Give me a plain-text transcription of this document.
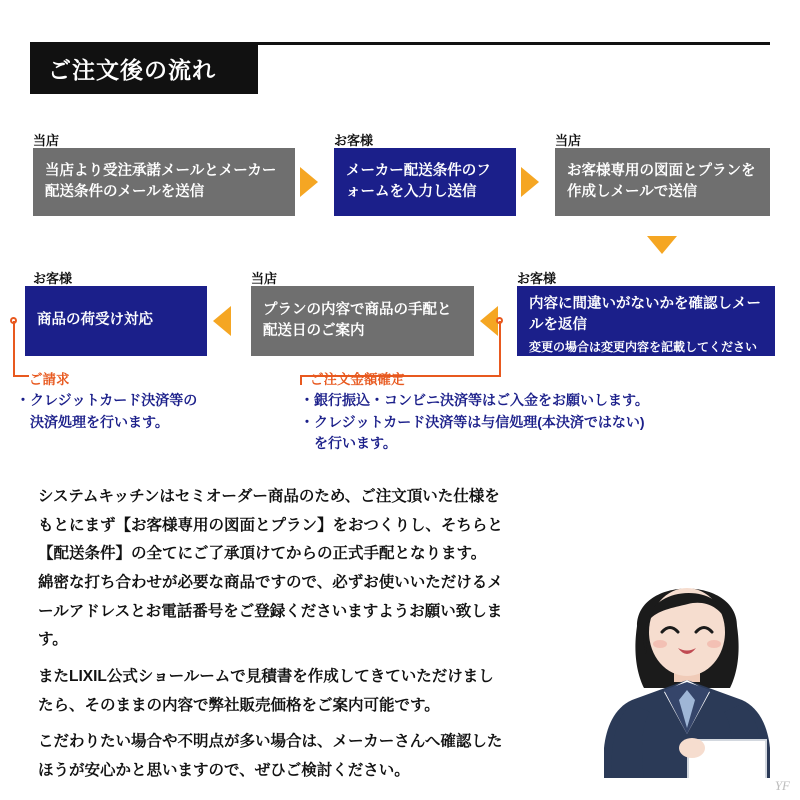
ご注文後の流れ
当店
当店より受注承諾メールとメーカー配送条件のメールを送信
お客様
メーカー配送条件のフォームを入力し送信
当店
お客様専用の図面とプランを作成しメールで送信
お客様
商品の荷受け対応
当店
プランの内容で商品の手配と配送日のご案内
お客様
内容に間違いがないかを確認しメールを返信
変更の場合は変更内容を記載してください
ご請求
・クレジットカード決済等の
　決済処理を行います。
ご注文金額確定
・銀行振込・コンビニ決済等はご入金をお願いします。
・クレジットカード決済等は与信処理(本決済ではない)
　を行います。

システムキッチンはセミオーダー商品のため、ご注文頂いた仕様を

もとにまず【お客様専用の図面とプラン】をおつくりし、そちらと

【配送条件】の全てにご了承頂けてからの正式手配となります。

綿密な打ち合わせが必要な商品ですので、必ずお使いいただけるメ

ールアドレスとお電話番号をご登録くださいますようお願い致しま

す。

またLIXIL公式ショールームで見積書を作成してきていただけまし

たら、そのままの内容で弊社販売価格をご案内可能です。

こだわりたい場合や不明点が多い場合は、メーカーさんへ確認した

ほうが安心かと思いますので、ぜひご検討ください。

YF
